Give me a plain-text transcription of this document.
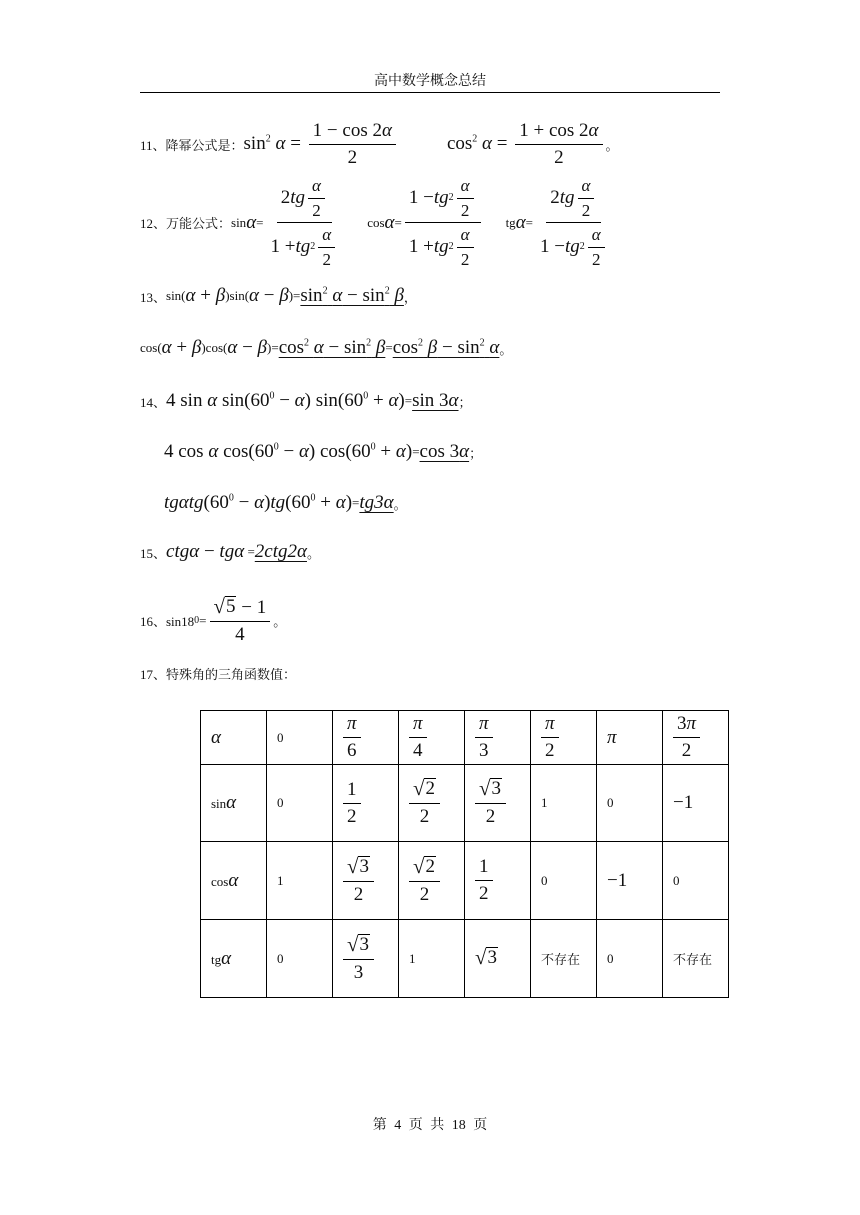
高中数学概念总结
11、降幂公式是： $\sin^2 \alpha = \frac{1 - \cos 2\alpha}{2}$	$\cos^2 \alpha = \frac{1 + \cos 2\alpha}{2}$ 。
12、万能公式： $\sin \alpha = \frac{2 tg \frac{\alpha}{2}}{1 + tg 2 \frac{\alpha}{2}}$ $\cos \alpha = \frac{1 - tg 2 \frac{\alpha}{2}}{1 + tg 2 \frac{\alpha}{2}}$ tg $\alpha = \frac{2 tg \frac{\alpha}{2}}{1 - tg 2 \frac{\alpha}{2}}$
13、 sin( α + β )sin( α − β )= $\sin^2 \alpha - \sin^2 \beta$ ，
cos( α + β )cos( α − β )= $\cos^2 \alpha - \sin^2 \beta = \cos^2 \beta - \sin^2 \alpha$ 。
14、 4 sin α $\sin(60^0 - \alpha) \sin(60^0 + \alpha) = \sin 3\alpha$ ；
4 cos α $\cos(60^0 - \alpha) \cos(60^0 + \alpha) = \cos 3\alpha$ ；
tgαtg $(60^0 - \alpha)$ tg $(60^0 + \alpha) = tg3\alpha$ 。
15、 ctgα − tgα = 2ctg2α 。
16、sin18 $0 = \frac{√ 5 - 1}{4}$ 。
17、特殊角的三角函数值：
α	0	$\frac{\pi}{6}$	$\frac{\pi}{4}$	$\frac{\pi}{3}$	$\frac{\pi}{2}$	π	$\frac{3\pi}{2}$

sinα	0	$\frac{1}{2}$	$\frac{√ 2}{2}$	$\frac{√ 3}{2}$	1	0	−1
cosα	1	$\frac{√ 3}{2}$	$\frac{√ 2}{2}$	$\frac{1}{2}$	0	−1	0
tgα	0	$\frac{√ 3}{3}$	1	√ 3	不存在	0	不存在
第 4 页 共 18 页
